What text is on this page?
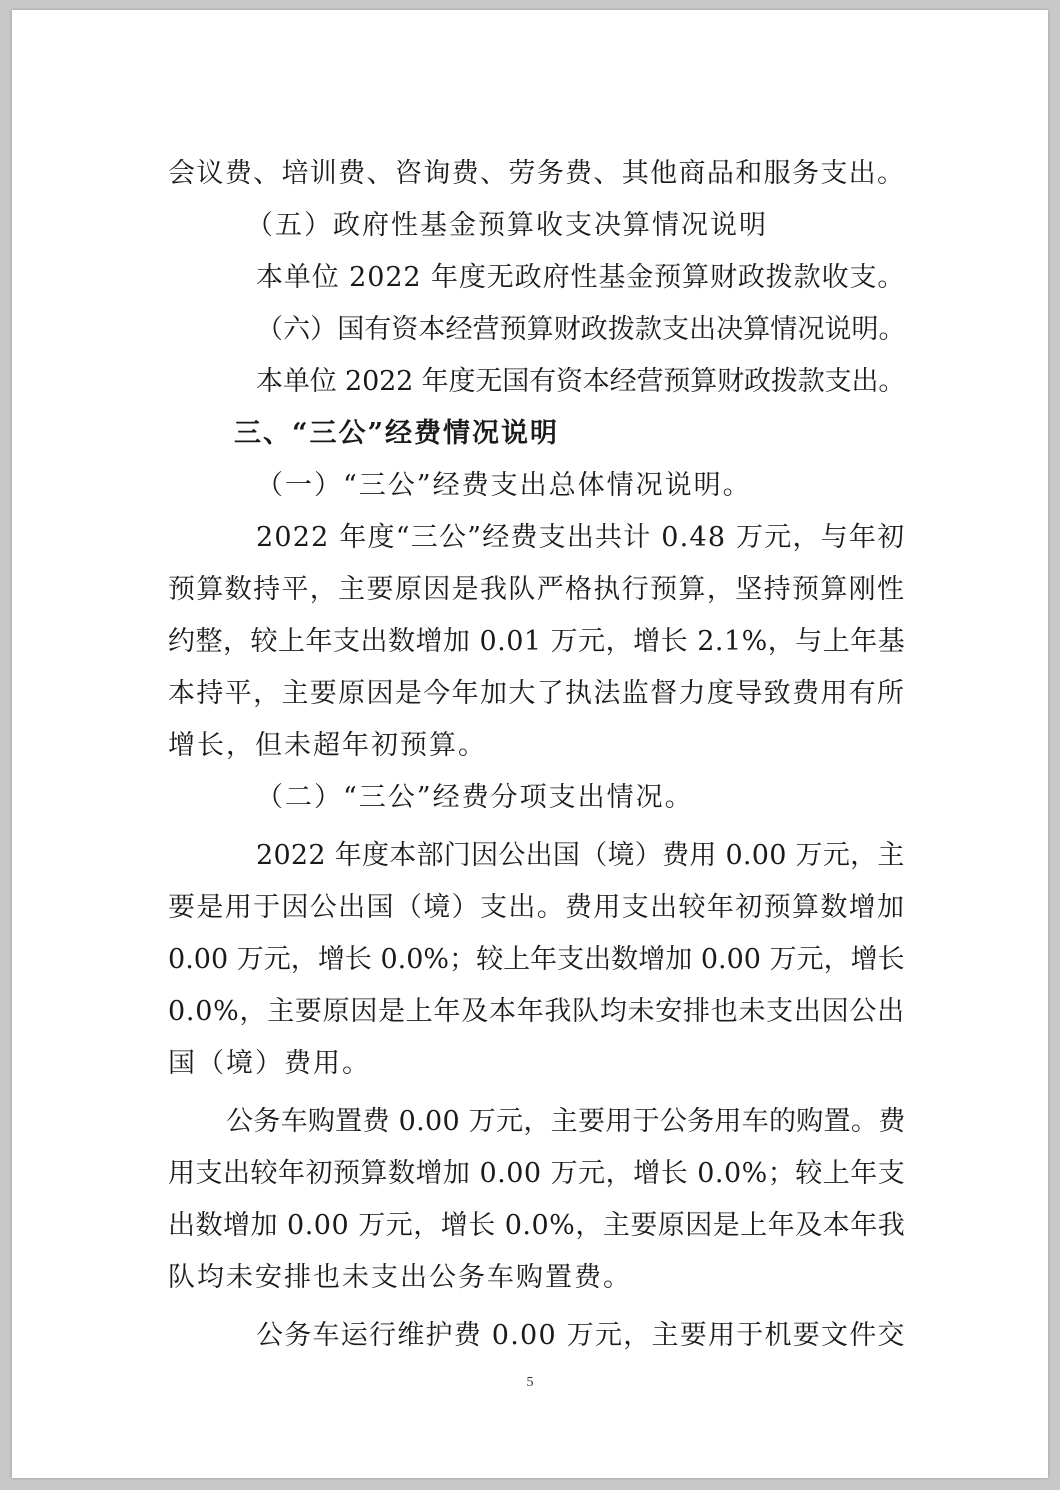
会议费、培训费、咨询费、劳务费、其他商品和服务支出。
（五）政府性基金预算收支决算情况说明
本单位 2022 年度无政府性基金预算财政拨款收支。
（六）国有资本经营预算财政拨款支出决算情况说明。
本单位 2022 年度无国有资本经营预算财政拨款支出。
三、“三公”经费情况说明
（一）“三公”经费支出总体情况说明。
2022 年度“三公”经费支出共计 0.48 万元，与年初
预算数持平，主要原因是我队严格执行预算，坚持预算刚性
约整，较上年支出数增加 0.01 万元，增长 2.1%，与上年基
本持平，主要原因是今年加大了执法监督力度导致费用有所
增长，但未超年初预算。
（二）“三公”经费分项支出情况。
2022 年度本部门因公出国（境）费用 0.00 万元，主
要是用于因公出国（境）支出。费用支出较年初预算数增加
0.00 万元，增长 0.0%；较上年支出数增加 0.00 万元，增长
0.0%，主要原因是上年及本年我队均未安排也未支出因公出
国（境）费用。
公务车购置费 0.00 万元，主要用于公务用车的购置。费
用支出较年初预算数增加 0.00 万元，增长 0.0%；较上年支
出数增加 0.00 万元，增长 0.0%，主要原因是上年及本年我
队均未安排也未支出公务车购置费。
公务车运行维护费 0.00 万元，主要用于机要文件交
5
